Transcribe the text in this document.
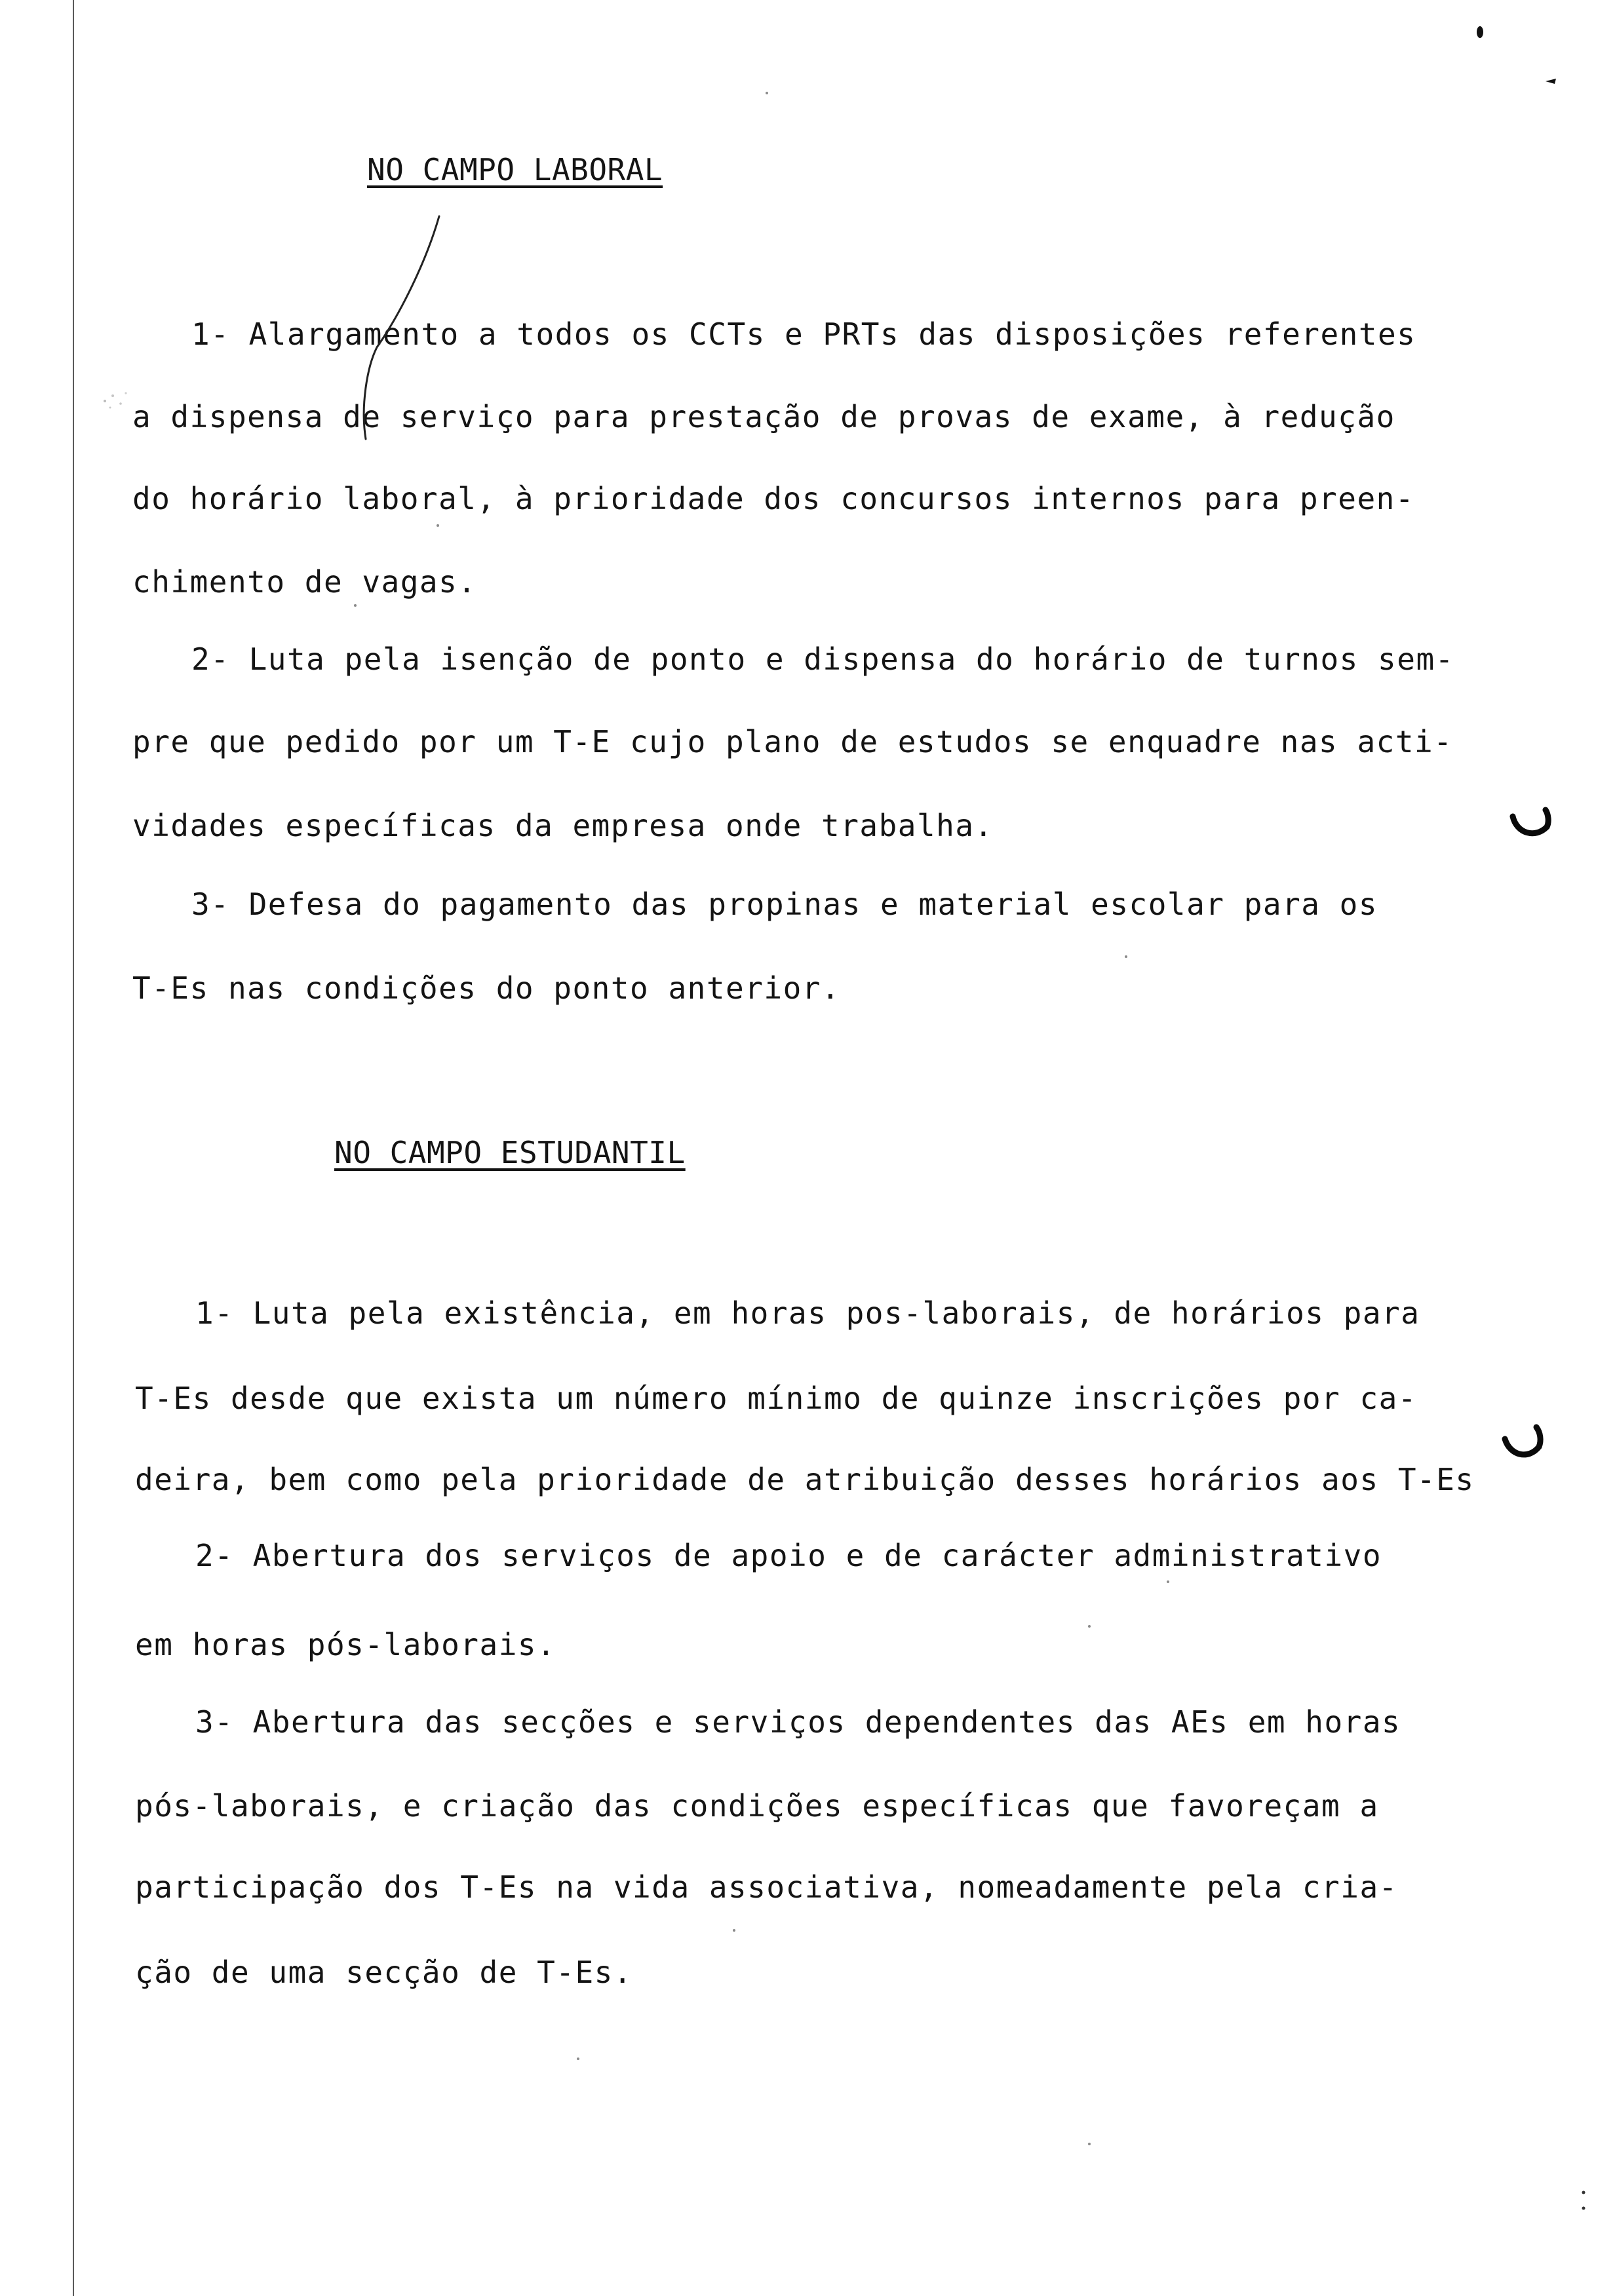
NO CAMPO LABORAL
1- Alargamento a todos os CCTs e PRTs das disposições referentes
a dispensa de serviço para prestação de provas de exame, à redução
do horário laboral, à prioridade dos concursos internos para preen-
chimento de vagas.
2- Luta pela isenção de ponto e dispensa do horário de turnos sem-
pre que pedido por um T-E cujo plano de estudos se enquadre nas acti-
vidades específicas da empresa onde trabalha.
3- Defesa do pagamento das propinas e material escolar para os
T-Es nas condições do ponto anterior.
NO CAMPO ESTUDANTIL
1- Luta pela existência, em horas pos-laborais, de horários para
T-Es desde que exista um número mínimo de quinze inscrições por ca-
deira, bem como pela prioridade de atribuição desses horários aos T-Es
2- Abertura dos serviços de apoio e de carácter administrativo
em horas pós-laborais.
3- Abertura das secções e serviços dependentes das AEs em horas
pós-laborais, e criação das condições específicas que favoreçam a
participação dos T-Es na vida associativa, nomeadamente pela cria-
ção de uma secção de T-Es.
